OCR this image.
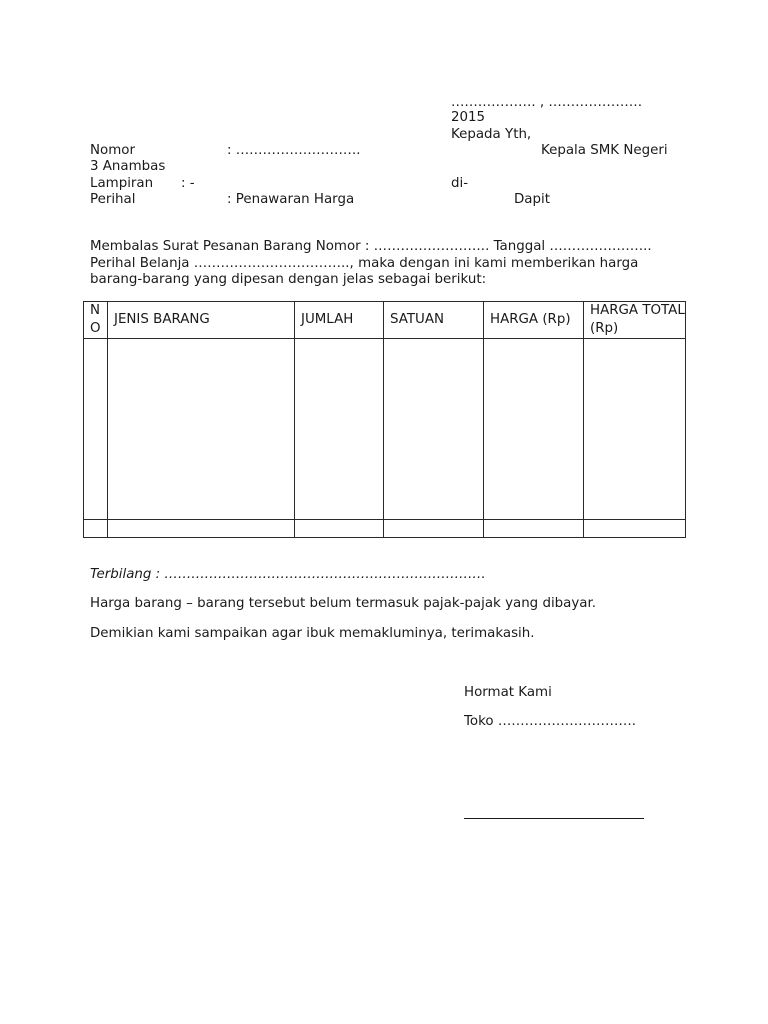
………………. , …………………
2015
Kepada Yth,
Kepala SMK Negeri
3 Anambas
di-
Dapit
Nomor	: ……………………….
Lampiran : -
Perihal	: Penawaran Harga
Membalas Surat Pesanan Barang Nomor : …………………….. Tanggal …………………..
Perihal Belanja …………………………….., maka dengan ini kami memberikan harga
barang-barang yang dipesan dengan jelas sebagai berikut:
NO	JENIS BARANG	JUMLAH	SATUAN	HARGA (Rp)	HARGA TOTAL (Rp)

Terbilang : ………………………………………………………………
Harga barang – barang tersebut belum termasuk pajak-pajak yang dibayar.
Demikian kami sampaikan agar ibuk memakluminya, terimakasih.
Hormat Kami
Toko ………………………….
